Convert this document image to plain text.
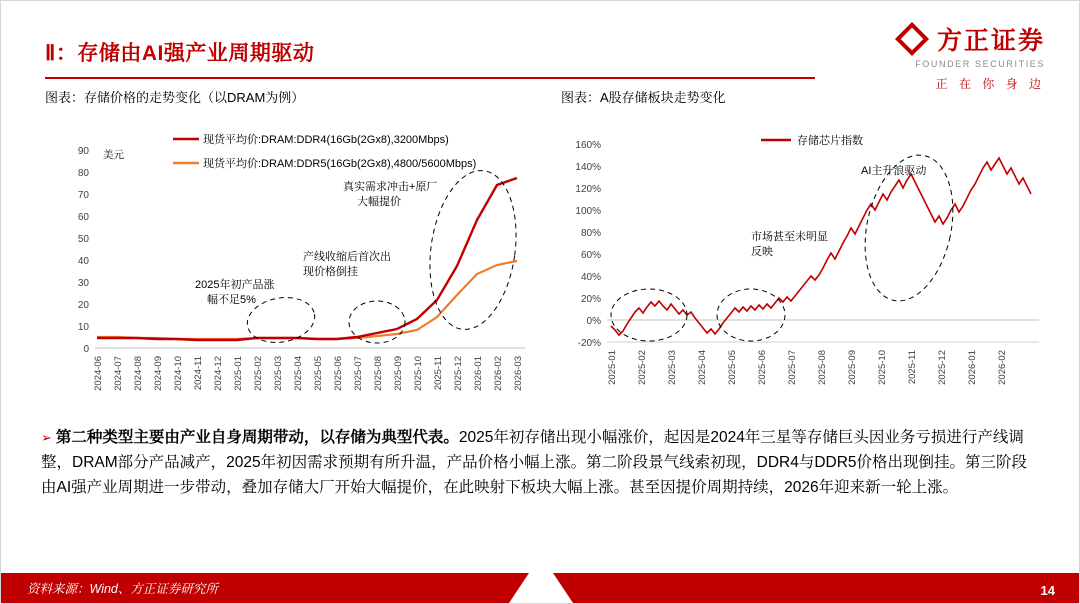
Ⅱ：存储由AI强产业周期驱动	方正证券
FOUNDER SECURITIES
正 在 你 身 边
图表：存储价格的走势变化（以DRAM为例）
现货平均价:DRAM:DDR4(16Gb(2Gx8),3200Mbps)
现货平均价:DRAM:DDR5(16Gb(2Gx8),4800/5600Mbps)
美元
90
80
70
60
50
40
30
20
10
0
真实需求冲击+原厂
大幅提价
产线收缩后首次出
现价格倒挂
2025年初产品涨
幅不足5%
2024-06 2024-07 2024-08 2024-09 2024-10 2024-11 2024-12 2025-01 2025-02 2025-03 2025-04 2025-05 2025-06 2025-07 2025-08 2025-09 2025-10 2025-11 2025-12 2026-01 2026-02 2026-03
图表：A股存储板块走势变化
存储芯片指数
160%
140%
120%
100%
80%
60%
40%
20%
0%
-20%
AI主升浪驱动
市场甚至未明显
反映
2025-01 2025-02 2025-03 2025-04 2025-05 2025-06 2025-07 2025-08 2025-09 2025-10 2025-11 2025-12 2026-01 2026-02
➢ 第二种类型主要由产业自身周期带动，以存储为典型代表。2025年初存储出现小幅涨价，起因是2024年三星等存储巨头因业务亏损进行产线调整，DRAM部分产品减产，2025年初因需求预期有所升温，产品价格小幅上涨。第二阶段景气线索初现，DDR4与DDR5价格出现倒挂。第三阶段由AI强产业周期进一步带动，叠加存储大厂开始大幅提价，在此映射下板块大幅上涨。甚至因提价周期持续，2026年迎来新一轮上涨。
资料来源：Wind、方正证券研究所	14
